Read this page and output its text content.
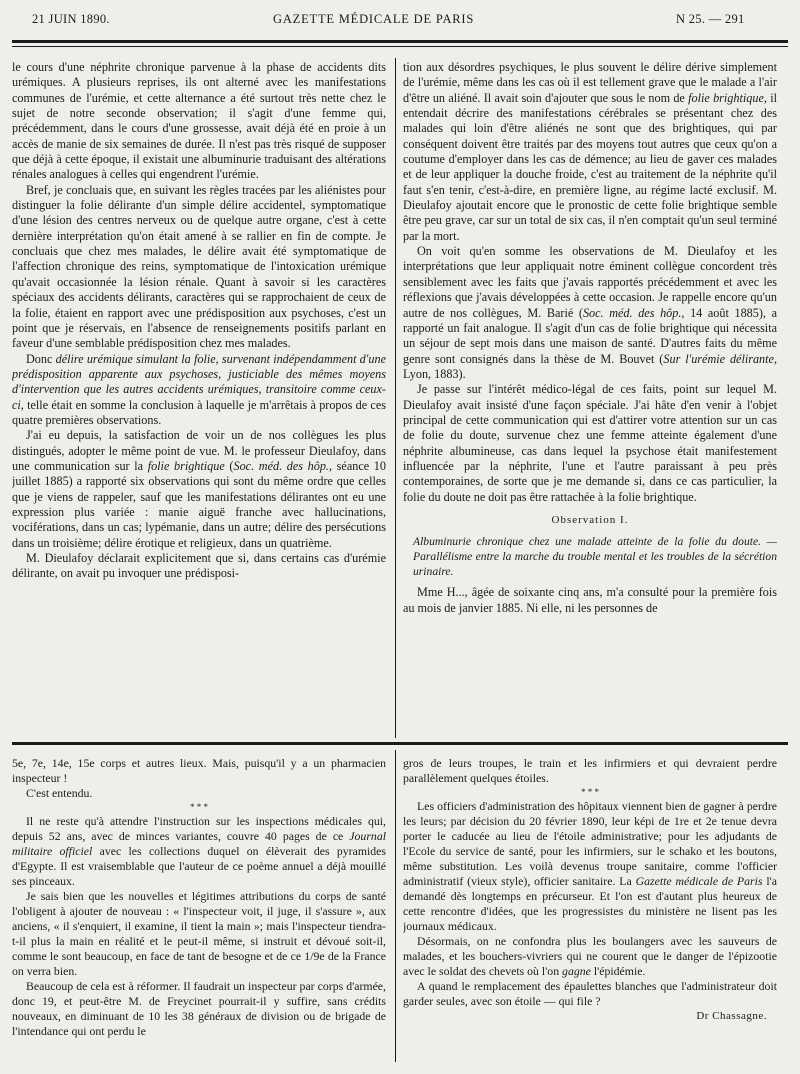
21 JUIN 1890.	GAZETTE MÉDICALE DE PARIS	N 25. — 291

le cours d'une néphrite chronique parvenue à la phase de accidents dits urémiques. A plusieurs reprises, ils ont alterné avec les manifestations communes de l'urémie, et cette alternance a été surtout très nette chez le sujet de notre seconde observation; il s'agit d'une femme qui, précédemment, dans le cours d'une grossesse, avait déjà été en proie à un accès de manie de six semaines de durée. Il n'est pas très risqué de supposer que déjà à cette époque, il existait une albuminurie traduisant des altérations rénales analogues à celles qui engendrent l'urémie.

Bref, je concluais que, en suivant les règles tracées par les aliénistes pour distinguer la folie délirante d'un simple délire accidentel, symptomatique d'une lésion des centres nerveux ou de quelque autre organe, c'est à cette dernière interprétation qu'on était amené à se rallier en fin de compte. Je concluais que chez mes malades, le délire avait été symptomatique de l'affection chronique des reins, symptomatique de l'intoxication urémique qu'avait occasionnée la lésion rénale. Quant à savoir si les caractères spéciaux des accidents délirants, caractères qui se rapprochaient de ceux de la folie, étaient en rapport avec une prédisposition aux psychoses, c'est un point que je réservais, en l'absence de renseignements positifs parlant en faveur d'une semblable prédisposition chez mes malades.

Donc délire urémique simulant la folie, survenant indépendamment d'une prédisposition apparente aux psychoses, justiciable des mêmes moyens d'intervention que les autres accidents urémiques, transitoire comme ceux-ci, telle était en somme la conclusion à laquelle je m'arrêtais à propos de ces quatre premières observations.

J'ai eu depuis, la satisfaction de voir un de nos collègues les plus distingués, adopter le même point de vue. M. le professeur Dieulafoy, dans une communication sur la folie brightique (Soc. méd. des hôp., séance 10 juillet 1885) a rapporté six observations qui sont du même ordre que celles que je viens de rappeler, sauf que les manifestations délirantes ont eu une expression plus variée : manie aiguë franche avec hallucinations, vociférations, dans un cas; lypémanie, dans un autre; délire des persécutions dans un troisième; délire érotique et religieux, dans un quatrième.

M. Dieulafoy déclarait explicitement que si, dans certains cas d'urémie délirante, on avait pu invoquer une prédisposi-

tion aux désordres psychiques, le plus souvent le délire dérive simplement de l'urémie, même dans les cas où il est tellement grave que le malade a l'air d'être un aliéné. Il avait soin d'ajouter que sous le nom de folie brightique, il entendait décrire des manifestations cérébrales se présentant chez des malades qui loin d'être aliénés ne sont que des brightiques, qui par conséquent doivent être traités par des moyens tout autres que ceux qu'on a coutume d'employer dans les cas de démence; au lieu de gaver ces malades et de leur appliquer la douche froide, c'est au traitement de la néphrite qu'il faut s'en tenir, c'est-à-dire, en première ligne, au régime lacté exclusif. M. Dieulafoy ajoutait encore que le pronostic de cette folie brightique semble être peu grave, car sur un total de six cas, il n'en comptait qu'un seul terminé par la mort.

On voit qu'en somme les observations de M. Dieulafoy et les interprétations que leur appliquait notre éminent collègue concordent très sensiblement avec les faits que j'avais rapportés précédemment et avec les réflexions que j'avais développées à cette occasion. Je rappelle encore qu'un autre de nos collègues, M. Barié (Soc. méd. des hôp., 14 août 1885), a rapporté un fait analogue. Il s'agit d'un cas de folie brightique qui nécessita un séjour de sept mois dans une maison de santé. D'autres faits du même genre sont consignés dans la thèse de M. Bouvet (Sur l'urémie délirante, Lyon, 1883).

Je passe sur l'intérêt médico-légal de ces faits, point sur lequel M. Dieulafoy avait insisté d'une façon spéciale. J'ai hâte d'en venir à l'objet principal de cette communication qui est d'attirer votre attention sur un cas de folie du doute, survenue chez une femme atteinte également d'une néphrite albumineuse, cas dans lequel la psychose était manifestement influencée par la néphrite, l'une et l'autre paraissant à peu près contemporaines, de sorte que je me demande si, dans ce cas particulier, la folie du doute ne doit pas être rattachée à la folie brightique.

Observation I.

Albuminurie chronique chez une malade atteinte de la folie du doute. — Parallélisme entre la marche du trouble mental et les troubles de la sécrétion urinaire.

Mme H..., âgée de soixante cinq ans, m'a consulté pour la première fois au mois de janvier 1885. Ni elle, ni les personnes de

5e, 7e, 14e, 15e corps et autres lieux. Mais, puisqu'il y a un pharmacien inspecteur !

C'est entendu.

* * *

Il ne reste qu'à attendre l'instruction sur les inspections médicales qui, depuis 52 ans, avec de minces variantes, couvre 40 pages de ce Journal militaire officiel avec les collections duquel on élèverait des pyramides d'Egypte. Il est vraisemblable que l'auteur de ce poème annuel a déjà mouillé ses pinceaux.

Je sais bien que les nouvelles et légitimes attributions du corps de santé l'obligent à ajouter de nouveau : « l'inspecteur voit, il juge, il s'assure », aux anciens, « il s'enquiert, il examine, il tient la main »; mais l'inspecteur tiendra-t-il plus la main en réalité et le peut-il même, si instruit et dévoué soit-il, comme le sont beaucoup, en face de tant de besogne et de ce 1/9e de la France on verra bien.

Beaucoup de cela est à réformer. Il faudrait un inspecteur par corps d'armée, donc 19, et peut-être M. de Freycinet pourrait-il y suffire, sans crédits nouveaux, en diminuant de 10 les 38 généraux de division ou de brigade de l'intendance qui ont perdu le

gros de leurs troupes, le train et les infirmiers et qui devraient perdre parallèlement quelques étoiles.

* * *

Les officiers d'administration des hôpitaux viennent bien de gagner à perdre les leurs; par décision du 20 février 1890, leur képi de 1re et 2e tenue devra porter le caducée au lieu de l'étoile administrative; pour les adjudants de l'Ecole du service de santé, pour les infirmiers, sur le schako et les boutons, même substitution. Les voilà devenus troupe sanitaire, comme l'officier administratif (vieux style), officier sanitaire. La Gazette médicale de Paris l'a demandé dès longtemps en précurseur. Et l'on est d'autant plus heureux de cette rencontre d'idées, que les progressistes du ministère ne lisent pas les journaux médicaux.

Désormais, on ne confondra plus les boulangers avec les sauveurs de malades, et les bouchers-vivriers qui ne courent que le danger de l'épizootie avec le soldat des chevets où l'on gagne l'épidémie.

A quand le remplacement des épaulettes blanches que l'administrateur doit garder seules, avec son étoile — qui file ?

Dr Chassagne.
